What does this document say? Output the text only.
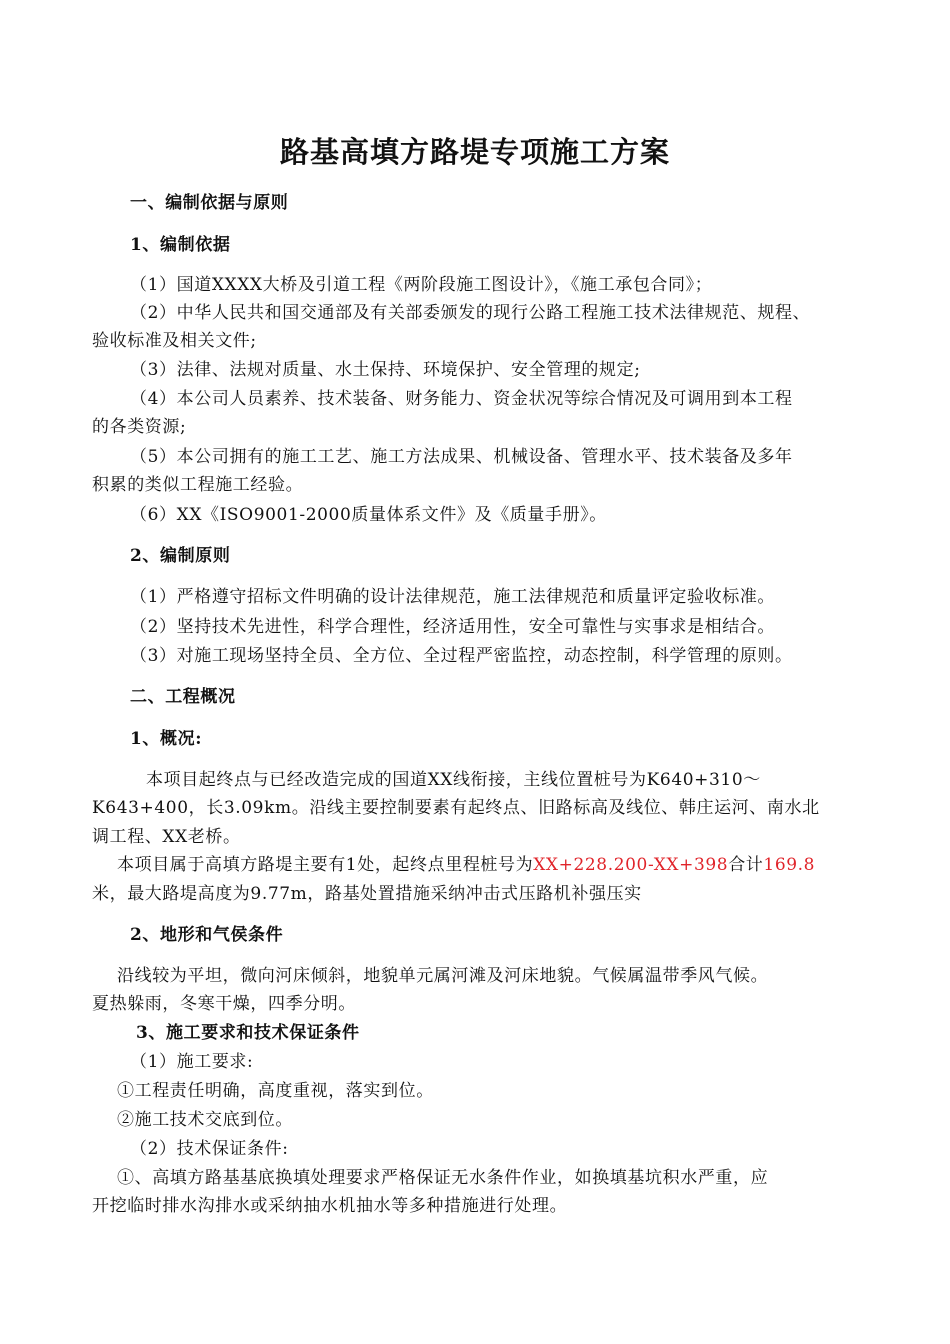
路基高填方路堤专项施工方案
一、编制依据与原则
1、编制依据
（1）国道XXXX大桥及引道工程《两阶段施工图设计》，《施工承包合同》；
（2）中华人民共和国交通部及有关部委颁发的现行公路工程施工技术法律规范、规程、
验收标准及相关文件;
（3）法律、法规对质量、水土保持、环境保护、安全管理的规定;
（4）本公司人员素养、技术装备、财务能力、资金状况等综合情况及可调用到本工程
的各类资源;
（5）本公司拥有的施工工艺、施工方法成果、机械设备、管理水平、技术装备及多年
积累的类似工程施工经验。
（6）XX《ISO9001-2000质量体系文件》及《质量手册》。
2、编制原则
（1）严格遵守招标文件明确的设计法律规范，施工法律规范和质量评定验收标准。
（2）坚持技术先进性，科学合理性，经济适用性，安全可靠性与实事求是相结合。
（3）对施工现场坚持全员、全方位、全过程严密监控，动态控制，科学管理的原则。
二、工程概况
1、概况:
本项目起终点与已经改造完成的国道XX线衔接，主线位置桩号为K640+310～
K643+400，长3.09km。沿线主要控制要素有起终点、旧路标高及线位、韩庄运河、南水北
调工程、XX老桥。
本项目属于高填方路堤主要有1处，起终点里程桩号为XX+228.200-XX+398合计169.8
米，最大路堤高度为9.77m，路基处置措施采纳冲击式压路机补强压实
2、地形和气侯条件
沿线较为平坦，微向河床倾斜，地貌单元属河滩及河床地貌。气候属温带季风气候。
夏热躲雨，冬寒干燥，四季分明。
3、施工要求和技术保证条件
（1）施工要求:
①工程责任明确，高度重视，落实到位。
②施工技术交底到位。
（2）技术保证条件:
①、高填方路基基底换填处理要求严格保证无水条件作业，如换填基坑积水严重，应
开挖临时排水沟排水或采纳抽水机抽水等多种措施进行处理。
